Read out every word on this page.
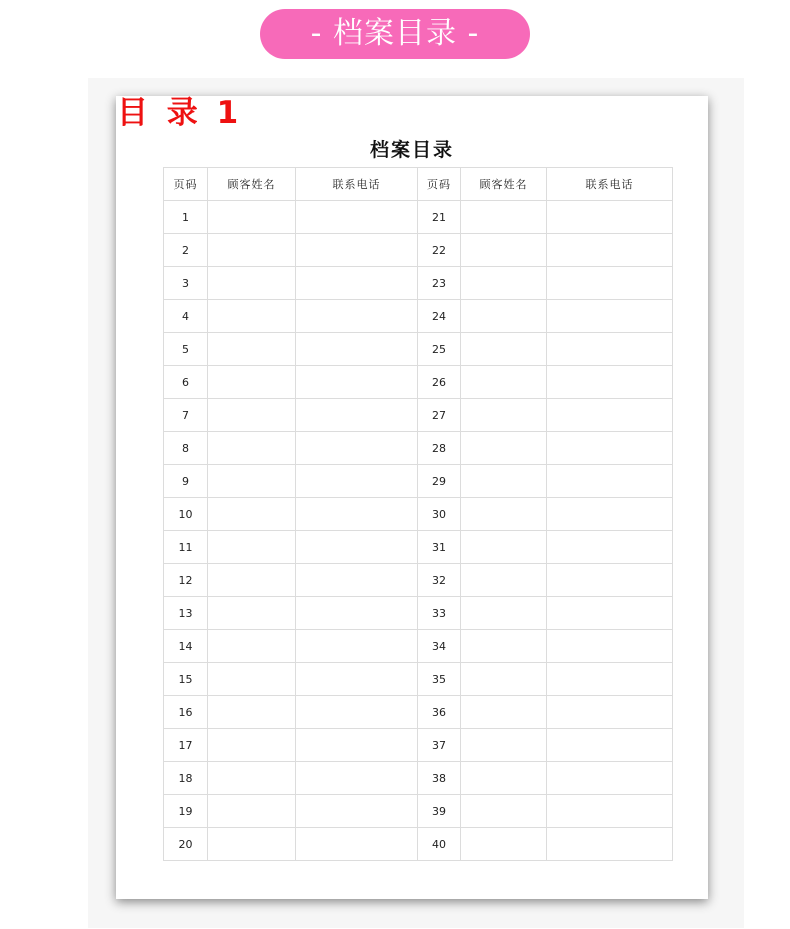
- 档案目录 -
目 录 1
档案目录
页码	顾客姓名	联系电话	页码	顾客姓名	联系电话
1			21		
2			22		
3			23		
4			24		
5			25		
6			26		
7			27		
8			28		
9			29		
10			30		
11			31		
12			32		
13			33		
14			34		
15			35		
16			36		
17			37		
18			38		
19			39		
20			40		
